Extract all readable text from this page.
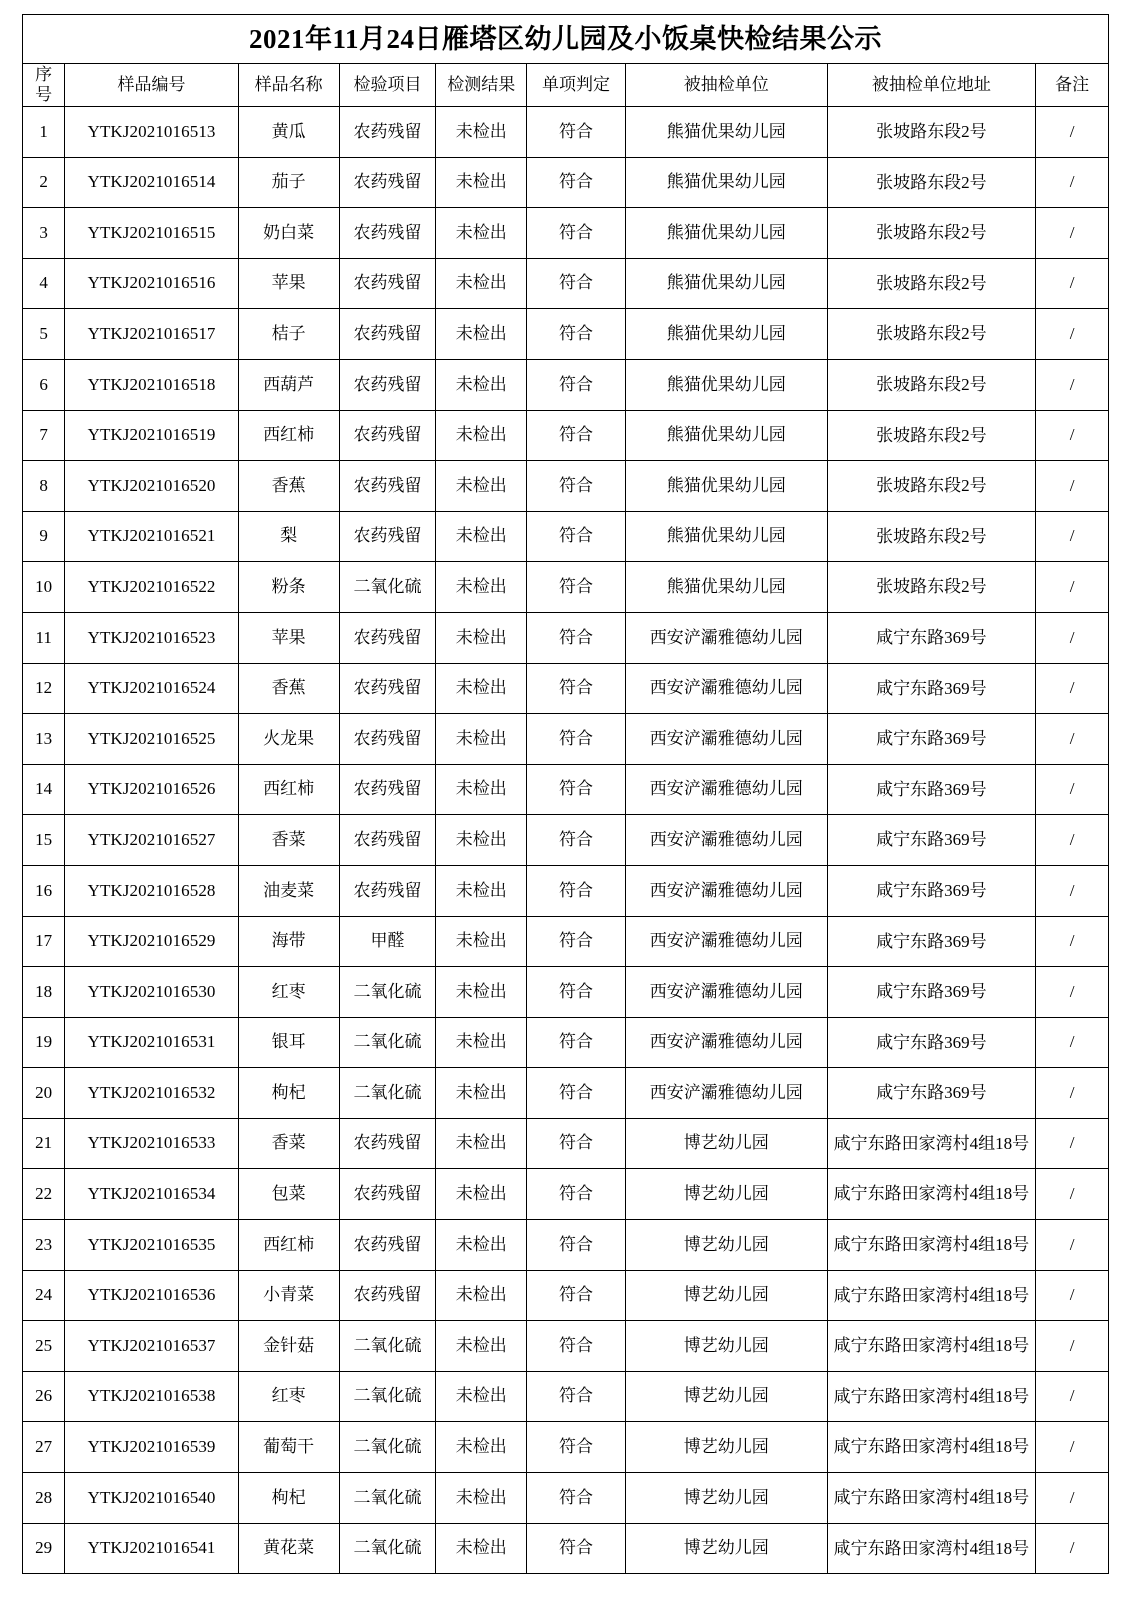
2021年11月24日雁塔区幼儿园及小饭桌快检结果公示								

序
号	样品编号	样品名称	检验项目	检测结果	单项判定	被抽检单位	被抽检单位地址	备注
1	YTKJ2021016513	黄瓜	农药残留	未检出	符合	熊猫优果幼儿园	张坡路东段2号	/
2	YTKJ2021016514	茄子	农药残留	未检出	符合	熊猫优果幼儿园	张坡路东段2号	/
3	YTKJ2021016515	奶白菜	农药残留	未检出	符合	熊猫优果幼儿园	张坡路东段2号	/
4	YTKJ2021016516	苹果	农药残留	未检出	符合	熊猫优果幼儿园	张坡路东段2号	/
5	YTKJ2021016517	桔子	农药残留	未检出	符合	熊猫优果幼儿园	张坡路东段2号	/
6	YTKJ2021016518	西葫芦	农药残留	未检出	符合	熊猫优果幼儿园	张坡路东段2号	/
7	YTKJ2021016519	西红柿	农药残留	未检出	符合	熊猫优果幼儿园	张坡路东段2号	/
8	YTKJ2021016520	香蕉	农药残留	未检出	符合	熊猫优果幼儿园	张坡路东段2号	/
9	YTKJ2021016521	梨	农药残留	未检出	符合	熊猫优果幼儿园	张坡路东段2号	/
10	YTKJ2021016522	粉条	二氧化硫	未检出	符合	熊猫优果幼儿园	张坡路东段2号	/
11	YTKJ2021016523	苹果	农药残留	未检出	符合	西安浐灞雅德幼儿园	咸宁东路369号	/
12	YTKJ2021016524	香蕉	农药残留	未检出	符合	西安浐灞雅德幼儿园	咸宁东路369号	/
13	YTKJ2021016525	火龙果	农药残留	未检出	符合	西安浐灞雅德幼儿园	咸宁东路369号	/
14	YTKJ2021016526	西红柿	农药残留	未检出	符合	西安浐灞雅德幼儿园	咸宁东路369号	/
15	YTKJ2021016527	香菜	农药残留	未检出	符合	西安浐灞雅德幼儿园	咸宁东路369号	/
16	YTKJ2021016528	油麦菜	农药残留	未检出	符合	西安浐灞雅德幼儿园	咸宁东路369号	/
17	YTKJ2021016529	海带	甲醛	未检出	符合	西安浐灞雅德幼儿园	咸宁东路369号	/
18	YTKJ2021016530	红枣	二氧化硫	未检出	符合	西安浐灞雅德幼儿园	咸宁东路369号	/
19	YTKJ2021016531	银耳	二氧化硫	未检出	符合	西安浐灞雅德幼儿园	咸宁东路369号	/
20	YTKJ2021016532	枸杞	二氧化硫	未检出	符合	西安浐灞雅德幼儿园	咸宁东路369号	/
21	YTKJ2021016533	香菜	农药残留	未检出	符合	博艺幼儿园	咸宁东路田家湾村4组18号	/
22	YTKJ2021016534	包菜	农药残留	未检出	符合	博艺幼儿园	咸宁东路田家湾村4组18号	/
23	YTKJ2021016535	西红柿	农药残留	未检出	符合	博艺幼儿园	咸宁东路田家湾村4组18号	/
24	YTKJ2021016536	小青菜	农药残留	未检出	符合	博艺幼儿园	咸宁东路田家湾村4组18号	/
25	YTKJ2021016537	金针菇	二氧化硫	未检出	符合	博艺幼儿园	咸宁东路田家湾村4组18号	/
26	YTKJ2021016538	红枣	二氧化硫	未检出	符合	博艺幼儿园	咸宁东路田家湾村4组18号	/
27	YTKJ2021016539	葡萄干	二氧化硫	未检出	符合	博艺幼儿园	咸宁东路田家湾村4组18号	/
28	YTKJ2021016540	枸杞	二氧化硫	未检出	符合	博艺幼儿园	咸宁东路田家湾村4组18号	/
29	YTKJ2021016541	黄花菜	二氧化硫	未检出	符合	博艺幼儿园	咸宁东路田家湾村4组18号	/
